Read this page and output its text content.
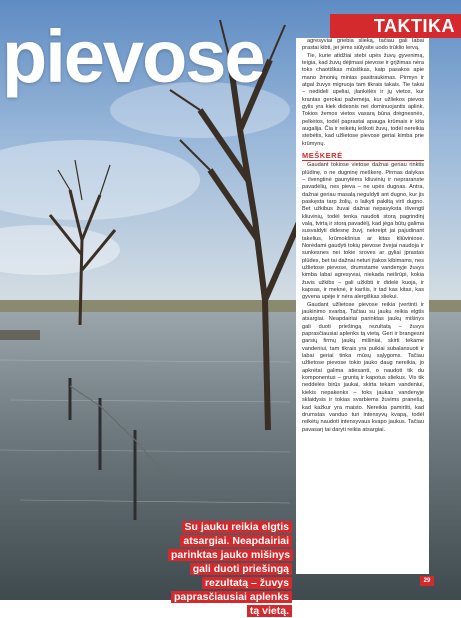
pievose	TAKTIKA

agresyviai griebia slieką, tačiau gali labai prastai kibti, jei jėms siūlysite uodo trūklio lervą.

Tie, kurie atidžiai stebi upės žuvų gyvenimą, teigia, kad žuvų dėjimasi pievose ir grįžimas nėra toks chaotiškas mūsiškas, kaip pasakos apie mano žmonių minias pasitraukimas. Pirmyn ir atgal žuvys migruoja tam tikrais takais. Tie takai – nedideli upeliai, įlankėlės ir jų vietos, kur krantas gerokai pažemėja, kur užliekos pievos gylis yra kiek didesnis nei dominuojantis aplink. Tokios žemos vietos vasarą būna drėgnesnės, pelkėtos, todėl paprastai apauga krūmais ir kita augalija. Čia ir reikėtų ieškoti žuvų, todėl nereikia stebėtis, kad užlietose pievose geriai kimba prie krūmynų.

MEŠKERĖ

Gaudant tokiose vietose dažnai geriau rinktis plūdinę, o ne dugninę meškerę. Pirmas dalykas – ilvengtinė gaunytėms kliuvinių ir nepraranste pavadėlių, nes pieva – ne upės dugnas. Antra, dažnai geriau masalą neguldyti ant dugno, kur jis paskęsta tarp žolių, o laikyti pakiltą virš dugno. Bet užkibus žuvai dažnai nepavyksta išvengti kliuvinių, todėl tenka naudoti storą pagrindinį valą, tvirtą ir storą pavadėlį, kad jėga būtų galima susvaldyti didesnę žuvį, nekreipt jai pajudinant takelius, krūmokšnius ar kitas kliūviniose. Norėdami gaudyti tokių pievose žvejai naudoja ir sunkesnes nei tokie sroves ar gyliai įprastas plūdes, bet tai dažnai neturi įtakos kibimams, nes užlietose pievose, drumstame vandenyje žuvys kimba labai agresyviai, niekada neišrūpi, kokia žuvis užkibs – gali užkibti ir didelė kuoja, ir kapsas, ir meknė, ir karšis, ir tad kas kitas, kas gyvena upėje ir nėra alergiškas sliekui.

Gaudant užlietose pievose reikia įvertinti ir jaukinimo svarbą. Tačiau su jauku reikia elgtis atsargiai. Neapdairiai parinktas jaukų mišinys gali duoti priešingą rezultatą – žuvys paprasčiausiai aplenks tą vietą. Geri ir brangesni garsių firmų jaukų mišiniai, skirti tekame vandeniui, tam tikrais yra puikiai subalansuoti ir labai geriai tinka mūsų sąlygoms. Tačiau užlietose pievose tokio jauko daug nereikia, jo apkrėtai galima atiesanti, o naudoti tik du komponentus – gruntą ir kapotus sliekus. Vis tik neddelės birūs jaukai, skirta tekam vandeniui, kiekis nepakenks – toks jaukas vandenyje sklaidysis ir tokias svarbiems žuvims pranešą, kad kažkur yra maisto. Nereikia pamiršti, kad drumstas vanduo turi intensyvų kvapą, todėl reikėtų naudoti intensyvaus kvapo jaukus. Tačiau pavasarį tai daryti reikia atsargiai.

Su jauku reikia elgtis atsargiai. Neapdairiai parinktas jauko mišinys gali duoti priešingą rezultatą – žuvys paprasčiausiai aplenks tą vietą.
29
